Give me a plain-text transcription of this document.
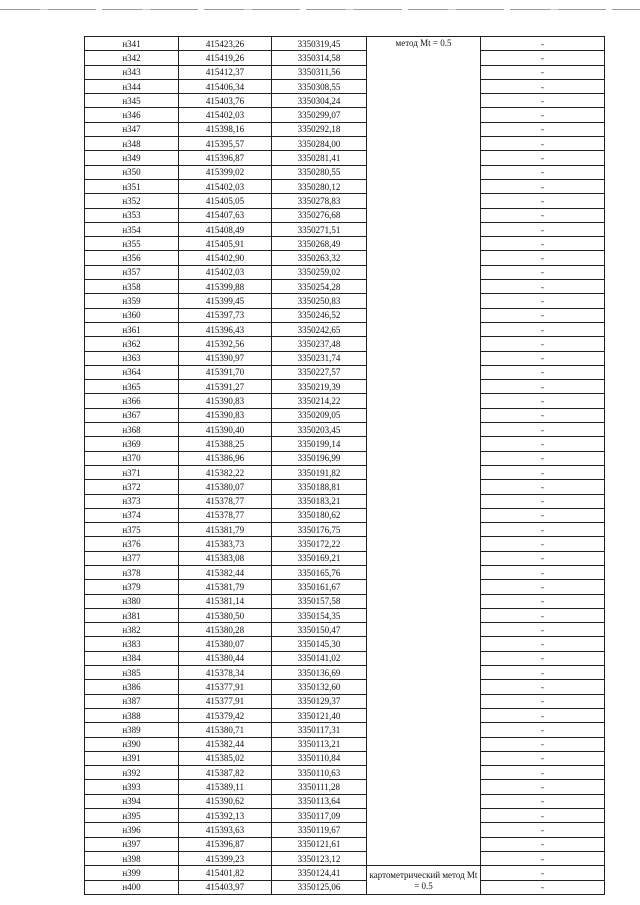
н341	415423,26	3350319,45	метод Mt = 0.5	-
н342	415419,26	3350314,58		-
н343	415412,37	3350311,56		-
н344	415406,34	3350308,55		-
н345	415403,76	3350304,24		-
н346	415402,03	3350299,07		-
н347	415398,16	3350292,18		-
н348	415395,57	3350284,00		-
н349	415396,87	3350281,41		-
н350	415399,02	3350280,55		-
н351	415402,03	3350280,12		-
н352	415405,05	3350278,83		-
н353	415407,63	3350276,68		-
н354	415408,49	3350271,51		-
н355	415405,91	3350268,49		-
н356	415402,90	3350263,32		-
н357	415402,03	3350259,02		-
н358	415399,88	3350254,28		-
н359	415399,45	3350250,83		-
н360	415397,73	3350246,52		-
н361	415396,43	3350242,65		-
н362	415392,56	3350237,48		-
н363	415390,97	3350231,74		-
н364	415391,70	3350227,57		-
н365	415391,27	3350219,39		-
н366	415390,83	3350214,22		-
н367	415390,83	3350209,05		-
н368	415390,40	3350203,45		-
н369	415388,25	3350199,14		-
н370	415386,96	3350196,99		-
н371	415382,22	3350191,82		-
н372	415380,07	3350188,81		-
н373	415378,77	3350183,21		-
н374	415378,77	3350180,62		-
н375	415381,79	3350176,75		-
н376	415383,73	3350172,22		-
н377	415383,08	3350169,21		-
н378	415382,44	3350165,76		-
н379	415381,79	3350161,67		-
н380	415381,14	3350157,58		-
н381	415380,50	3350154,35		-
н382	415380,28	3350150,47		-
н383	415380,07	3350145,30		-
н384	415380,44	3350141,02		-
н385	415378,34	3350136,69		-
н386	415377,91	3350132,60		-
н387	415377,91	3350129,37		-
н388	415379,42	3350121,40		-
н389	415380,71	3350117,31		-
н390	415382,44	3350113,21		-
н391	415385,02	3350110,84		-
н392	415387,82	3350110,63		-
н393	415389,11	3350111,28		-
н394	415390,62	3350113,64		-
н395	415392,13	3350117,09		-
н396	415393,63	3350119,67		-
н397	415396,87	3350121,61		-
н398	415399,23	3350123,12		-
н399	415401,82	3350124,41	картометрический метод Mt = 0.5	-
н400	415403,97	3350125,06		-
